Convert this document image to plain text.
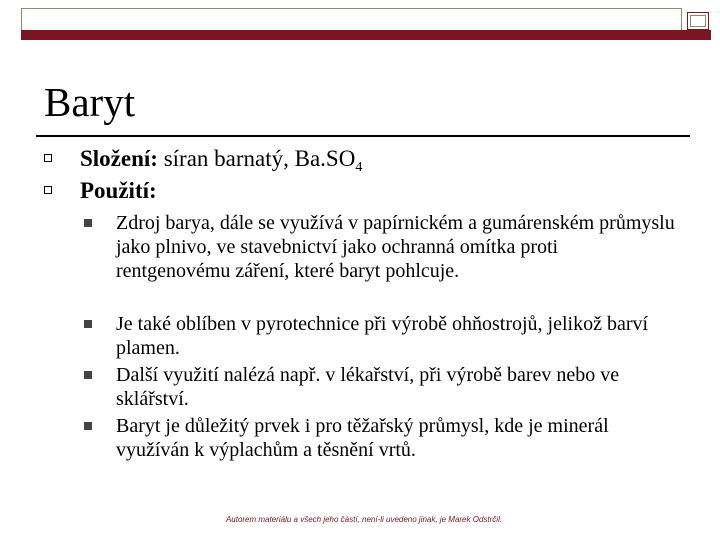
Baryt
Složení: síran barnatý, $Ba.SO_4$
Použití:
Zdroj barya, dále se využívá v papírnickém a gumárenském průmyslu jako plnivo, ve stavebnictví jako ochranná omítka proti rentgenovému záření, které baryt pohlcuje.
Je také oblíben v pyrotechnice při výrobě ohňostrojů, jelikož barví plamen.
Další využití nalézá např. v lékařství, při výrobě barev nebo ve sklářství.
Baryt je důležitý prvek i pro těžařský průmysl, kde je minerál využíván k výplachům a těsnění vrtů.
Autorem materiálu a všech jeho částí, není-li uvedeno jinak, je Marek Odstrčil.
